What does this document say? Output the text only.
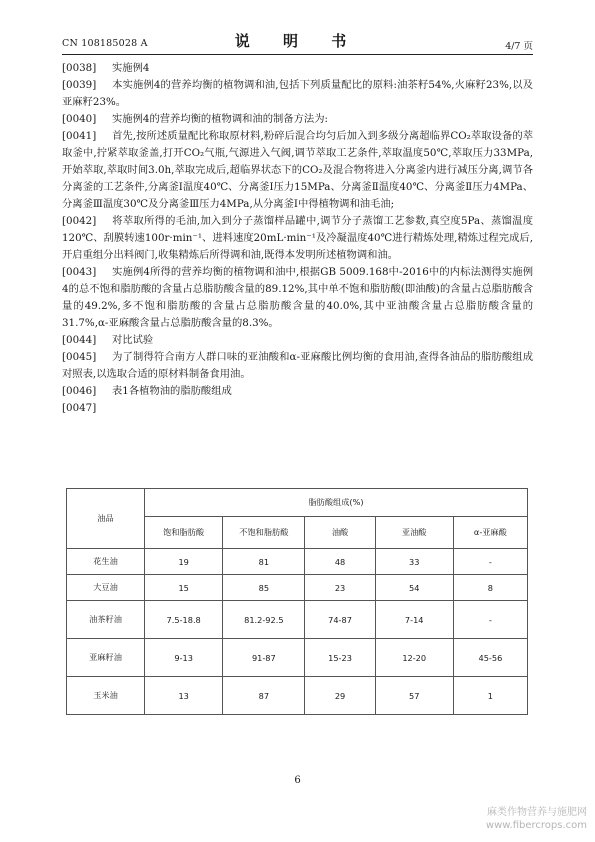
CN 108185028 A	说 明 书	4/7 页

[0038] 实施例4

[0039] 本实施例4的营养均衡的植物调和油,包括下列质量配比的原料:油茶籽54%,火麻籽23%,以及亚麻籽23%。

[0040] 实施例4的营养均衡的植物调和油的制备方法为:

[0041] 首先,按所述质量配比称取原材料,粉碎后混合均匀后加入到多级分离超临界CO₂萃取设备的萃取釜中,拧紧萃取釜盖,打开CO₂气瓶,气源进入气阀,调节萃取工艺条件,萃取温度50℃,萃取压力33MPa,开始萃取,萃取时间3.0h,萃取完成后,超临界状态下的CO₂及混合物将进入分离釜内进行减压分离,调节各分离釜的工艺条件,分离釜Ⅰ温度40℃、分离釜Ⅰ压力15MPa、分离釜Ⅱ温度40℃、分离釜Ⅱ压力4MPa、分离釜Ⅲ温度30℃及分离釜Ⅲ压力4MPa,从分离釜Ⅰ中得植物调和油毛油;

[0042] 将萃取所得的毛油,加入到分子蒸馏样品罐中,调节分子蒸馏工艺参数,真空度5Pa、蒸馏温度120℃、刮膜转速100r·min⁻¹、进料速度20mL·min⁻¹及冷凝温度40℃进行精炼处理,精炼过程完成后,开启重组分出料阀门,收集精炼后所得调和油,既得本发明所述植物调和油。

[0043] 实施例4所得的营养均衡的植物调和油中,根据GB 5009.168中-2016中的内标法测得实施例4的总不饱和脂肪酸的含量占总脂肪酸含量的89.12%,其中单不饱和脂肪酸(即油酸)的含量占总脂肪酸含量的49.2%,多不饱和脂肪酸的含量占总脂肪酸含量的40.0%,其中亚油酸含量占总脂肪酸含量的31.7%,α-亚麻酸含量占总脂肪酸含量的8.3%。

[0044] 对比试验

[0045] 为了制得符合南方人群口味的亚油酸和α-亚麻酸比例均衡的食用油,查得各油品的脂肪酸组成对照表,以选取合适的原材料制备食用油。

[0046] 表1各植物油的脂肪酸组成

[0047]

油品	脂肪酸组成(%)				
	饱和脂肪酸	不饱和脂肪酸	油酸	亚油酸	α-亚麻酸
花生油	19	81	48	33	-
大豆油	15	85	23	54	8
油茶籽油	7.5-18.8	81.2-92.5	74-87	7-14	-
亚麻籽油	9-13	91-87	15-23	12-20	45-56
玉米油	13	87	29	57	1
6
麻类作物营养与施肥网
www.fibercrops.com
